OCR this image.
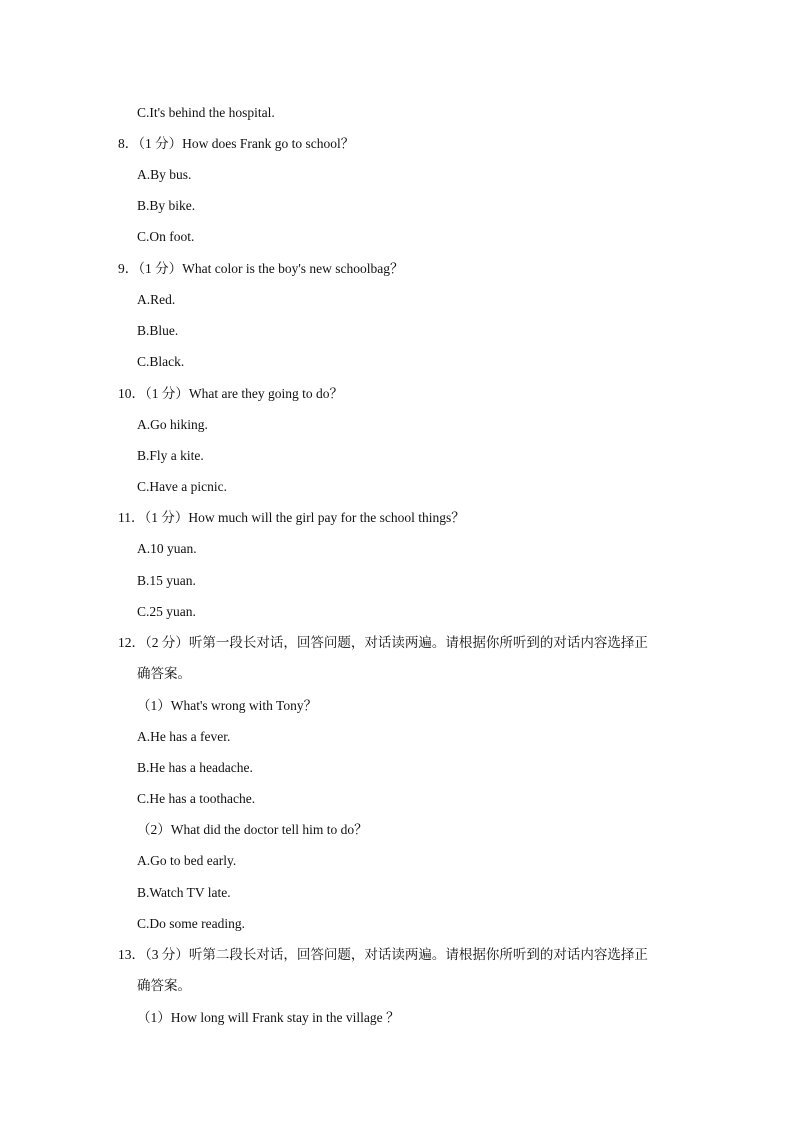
C.It's behind the hospital.
8．（1 分）How does Frank go to school？
A.By bus.
B.By bike.
C.On foot.
9．（1 分）What color is the boy's new schoolbag？
A.Red.
B.Blue.
C.Black.
10．（1 分）What are they going to do？
A.Go hiking.
B.Fly a kite.
C.Have a picnic.
11．（1 分）How much will the girl pay for the school things？
A.10 yuan.
B.15 yuan.
C.25 yuan.
12．（2 分）听第一段长对话，回答问题，对话读两遍。请根据你所听到的对话内容选择正
确答案。
（1）What's wrong with Tony？
A.He has a fever.
B.He has a headache.
C.He has a toothache.
（2）What did the doctor tell him to do？
A.Go to bed early.
B.Watch TV late.
C.Do some reading.
13．（3 分）听第二段长对话，回答问题，对话读两遍。请根据你所听到的对话内容选择正
确答案。
（1）How long will Frank stay in the village ？
